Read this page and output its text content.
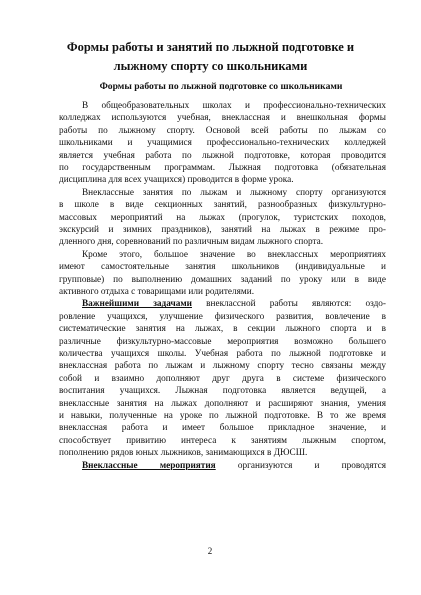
Формы работы и занятий по лыжной подготовке и
лыжному спорту со школьниками
Формы работы по лыжной подготовке со школьниками
В общеобразовательных школах и профессионально-технических
колледжах используются учебная, внеклассная и внешкольная формы
работы по лыжному спорту. Основой всей работы по лыжам со
школьниками и учащимися профессионально-технических колледжей
является учебная работа по лыжной подготовке, которая проводится
по государственным программам. Лыжная подготовка (обязательная
дисциплина для всех учащихся) проводится в форме урока.
Внеклассные занятия по лыжам и лыжному спорту организуются
в школе в виде секционных занятий, разнообразных физкультурно-
массовых мероприятий на лыжах (прогулок, туристских походов,
экскурсий и зимних праздников), занятий на лыжах в режиме про-
дленного дня, соревнований по различным видам лыжного спорта.
Кроме этого, большое значение во внеклассных мероприятиях
имеют самостоятельные занятия школьников (индивидуальные и
групповые) по выполнению домашних заданий по уроку или в виде
активного отдыха с товарищами или родителями.
Важнейшими задачами внеклассной работы являются: оздо-
ровление учащихся, улучшение физического развития, вовлечение в
систематические занятия на лыжах, в секции лыжного спорта и в
различные физкультурно-массовые мероприятия возможно большего
количества учащихся школы. Учебная работа по лыжной подготовке и
внеклассная работа по лыжам и лыжному спорту тесно связаны между
собой и взаимно дополняют друг друга в системе физического
воспитания учащихся. Лыжная подготовка является ведущей, а
внеклассные занятия на лыжах дополняют и расширяют знания, умения
и навыки, полученные на уроке по лыжной подготовке. В то же время
внеклассная работа и имеет большое прикладное значение, и
способствует привитию интереса к занятиям лыжным спортом,
пополнению рядов юных лыжников, занимающихся в ДЮСШ.
Внеклассные мероприятия организуются и проводятся
2
